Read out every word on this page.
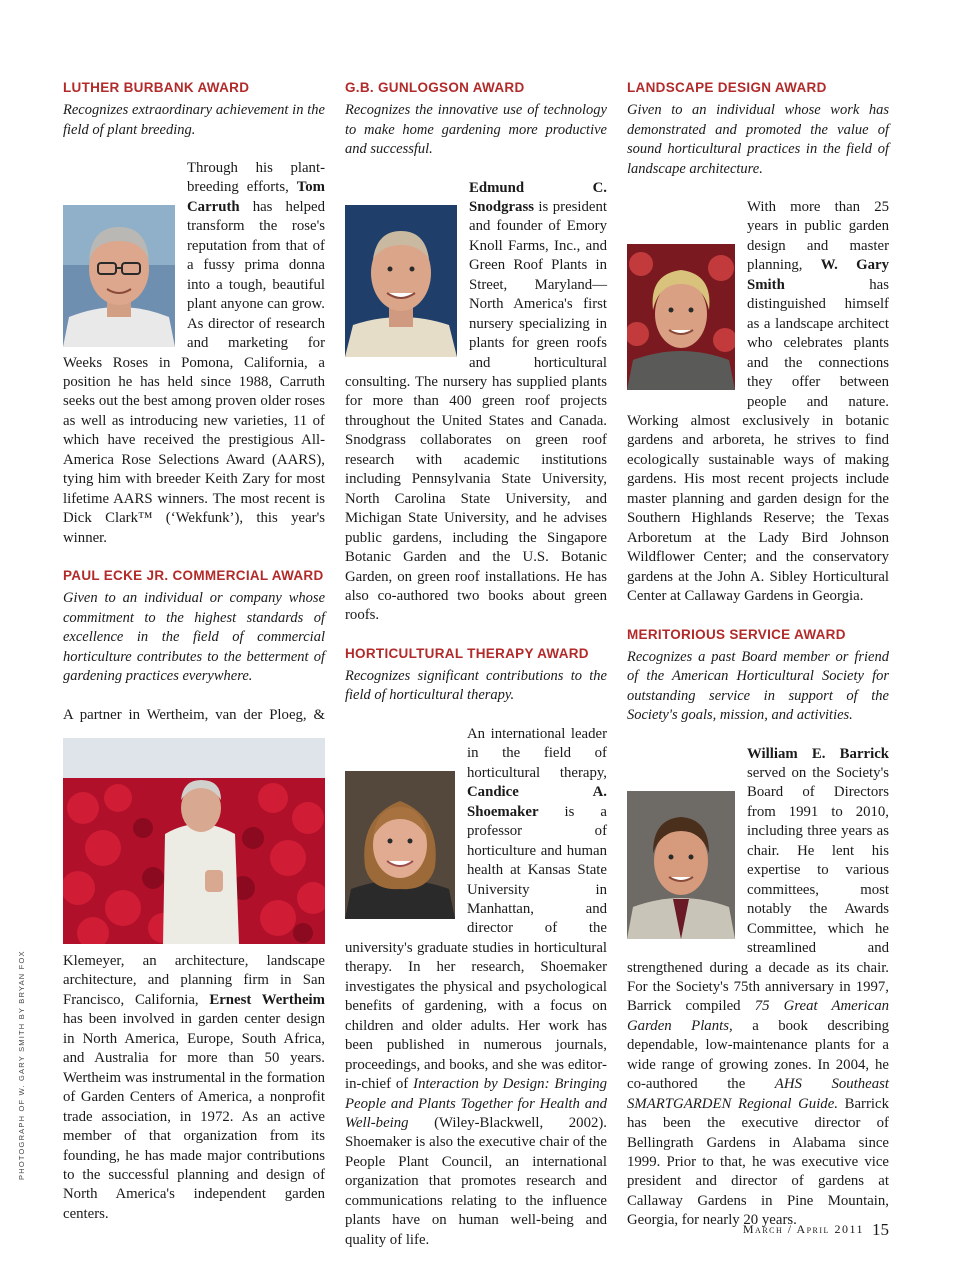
LUTHER BURBANK AWARD
Recognizes extraordinary achievement in the field of plant breeding.
Through his plant-breeding efforts, Tom Carruth has helped transform the rose's reputation from that of a fussy prima donna into a tough, beautiful plant anyone can grow. As director of research and marketing for Weeks Roses in Pomona, California, a position he has held since 1988, Carruth seeks out the best among proven older roses as well as introducing new varieties, 11 of which have received the prestigious All-America Rose Selections Award (AARS), tying him with breeder Keith Zary for most lifetime AARS winners. The most recent is Dick Clark™ (‘Wekfunk’), this year's winner.
PAUL ECKE JR. COMMERCIAL AWARD
Given to an individual or company whose commitment to the highest standards of excellence in the field of commercial horticulture contributes to the betterment of gardening practices everywhere.
A partner in Wertheim, van der Ploeg, & Klemeyer, an architecture, landscape architecture, and planning firm in San Francisco, California, Ernest Wertheim has been involved in garden center design in North America, Europe, South Africa, and Australia for more than 50 years. Wertheim was instrumental in the formation of Garden Centers of America, a nonprofit trade association, in 1972. As an active member of that organization from its founding, he has made major contributions to the successful planning and design of North America's independent garden centers.
G.B. GUNLOGSON AWARD
Recognizes the innovative use of technology to make home gardening more productive and successful.
Edmund C. Snodgrass is president and founder of Emory Knoll Farms, Inc., and Green Roof Plants in Street, Maryland—North America's first nursery specializing in plants for green roofs and horticultural consulting. The nursery has supplied plants for more than 400 green roof projects throughout the United States and Canada. Snodgrass collaborates on green roof research with academic institutions including Pennsylvania State University, North Carolina State University, and Michigan State University, and he advises public gardens, including the Singapore Botanic Garden and the U.S. Botanic Garden, on green roof installations. He has also co-authored two books about green roofs.
HORTICULTURAL THERAPY AWARD
Recognizes significant contributions to the field of horticultural therapy.
An international leader in the field of horticultural therapy, Candice A. Shoemaker is a professor of horticulture and human health at Kansas State University in Manhattan, and director of the university's graduate studies in horticultural therapy. In her research, Shoemaker investigates the physical and psychological benefits of gardening, with a focus on children and older adults. Her work has been published in numerous journals, proceedings, and books, and she was editor-in-chief of Interaction by Design: Bringing People and Plants Together for Health and Well-being (Wiley-Blackwell, 2002). Shoemaker is also the executive chair of the People Plant Council, an international organization that promotes research and communications relating to the influence plants have on human well-being and quality of life.
LANDSCAPE DESIGN AWARD
Given to an individual whose work has demonstrated and promoted the value of sound horticultural practices in the field of landscape architecture.
With more than 25 years in public garden design and master planning, W. Gary Smith has distinguished himself as a landscape architect who celebrates plants and the connections they offer between people and nature. Working almost exclusively in botanic gardens and arboreta, he strives to find ecologically sustainable ways of making gardens. His most recent projects include master planning and garden design for the Southern Highlands Reserve; the Texas Arboretum at the Lady Bird Johnson Wildflower Center; and the conservatory gardens at the John A. Sibley Horticultural Center at Callaway Gardens in Georgia.
MERITORIOUS SERVICE AWARD
Recognizes a past Board member or friend of the American Horticultural Society for outstanding service in support of the Society's goals, mission, and activities.
William E. Barrick served on the Society's Board of Directors from 1991 to 2010, including three years as chair. He lent his expertise to various committees, most notably the Awards Committee, which he streamlined and strengthened during a decade as its chair. For the Society's 75th anniversary in 1997, Barrick compiled 75 Great American Garden Plants, a book describing dependable, low-maintenance plants for a wide range of growing zones. In 2004, he co-authored the AHS Southeast SMARTGARDEN Regional Guide. Barrick has been the executive director of Bellingrath Gardens in Alabama since 1999. Prior to that, he was executive vice president and director of gardens at Callaway Gardens in Pine Mountain, Georgia, for nearly 20 years.
PHOTOGRAPH OF W. GARY SMITH BY BRYAN FOX
March / April 2011 15
